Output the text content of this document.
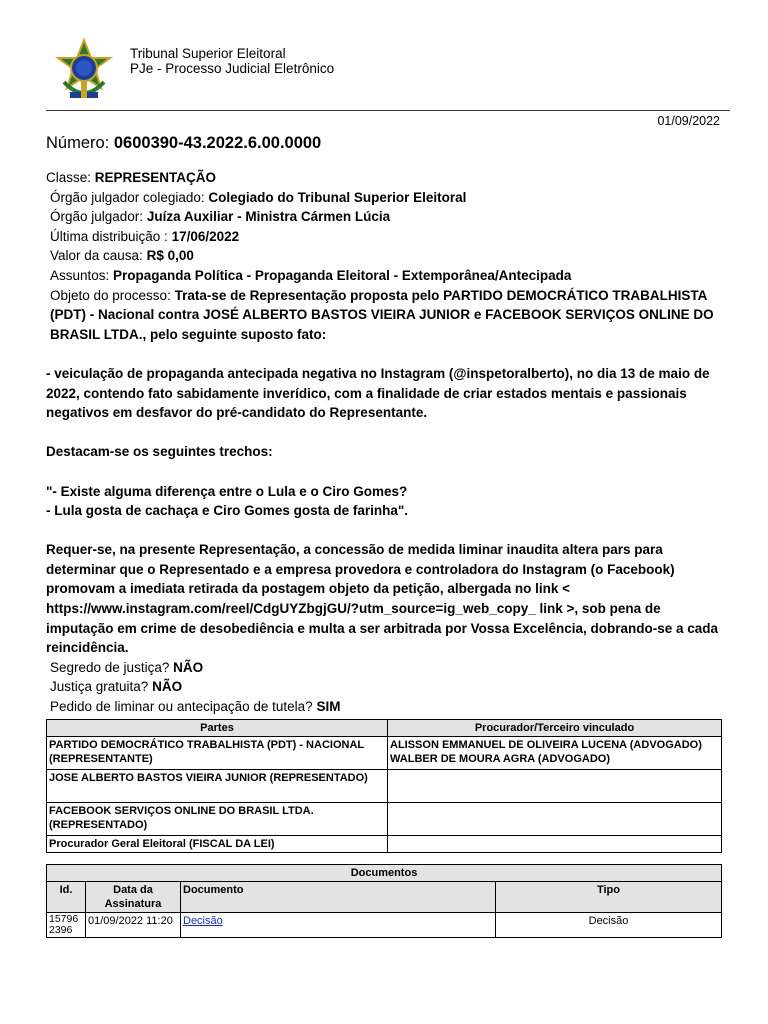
Tribunal Superior Eleitoral
PJe - Processo Judicial Eletrônico
01/09/2022
Número: 0600390-43.2022.6.00.0000
Classe: REPRESENTAÇÃO
Órgão julgador colegiado: Colegiado do Tribunal Superior Eleitoral
Órgão julgador: Juíza Auxiliar - Ministra Cármen Lúcia
Última distribuição : 17/06/2022
Valor da causa: R$ 0,00
Assuntos: Propaganda Política - Propaganda Eleitoral - Extemporânea/Antecipada
Objeto do processo: Trata-se de Representação proposta pelo PARTIDO DEMOCRÁTICO TRABALHISTA (PDT) - Nacional contra JOSÉ ALBERTO BASTOS VIEIRA JUNIOR e FACEBOOK SERVIÇOS ONLINE DO BRASIL LTDA., pelo seguinte suposto fato:
- veiculação de propaganda antecipada negativa no Instagram (@inspetoralberto), no dia 13 de maio de 2022, contendo fato sabidamente inverídico, com a finalidade de criar estados mentais e passionais negativos em desfavor do pré-candidato do Representante.
Destacam-se os seguintes trechos:
"- Existe alguma diferença entre o Lula e o Ciro Gomes?
- Lula gosta de cachaça e Ciro Gomes gosta de farinha".
Requer-se, na presente Representação, a concessão de medida liminar inaudita altera pars para determinar que o Representado e a empresa provedora e controladora do Instagram (o Facebook) promovam a imediata retirada da postagem objeto da petição, albergada no link < https://www.instagram.com/reel/CdgUYZbgjGU/?utm_source=ig_web_copy_ link >, sob pena de imputação em crime de desobediência e multa a ser arbitrada por Vossa Excelência, dobrando-se a cada reincidência.
Segredo de justiça? NÃO
Justiça gratuita? NÃO
Pedido de liminar ou antecipação de tutela? SIM
Partes	Procurador/Terceiro vinculado
PARTIDO DEMOCRÁTICO TRABALHISTA (PDT) - NACIONAL (REPRESENTANTE)	ALISSON EMMANUEL DE OLIVEIRA LUCENA (ADVOGADO)
WALBER DE MOURA AGRA (ADVOGADO)

JOSE ALBERTO BASTOS VIEIRA JUNIOR (REPRESENTADO)	
FACEBOOK SERVIÇOS ONLINE DO BRASIL LTDA. (REPRESENTADO)	
Procurador Geral Eleitoral (FISCAL DA LEI)	
Documentos			
Id.	Data da Assinatura	Documento	Tipo
15796 2396	01/09/2022 11:20	Decisão	Decisão
